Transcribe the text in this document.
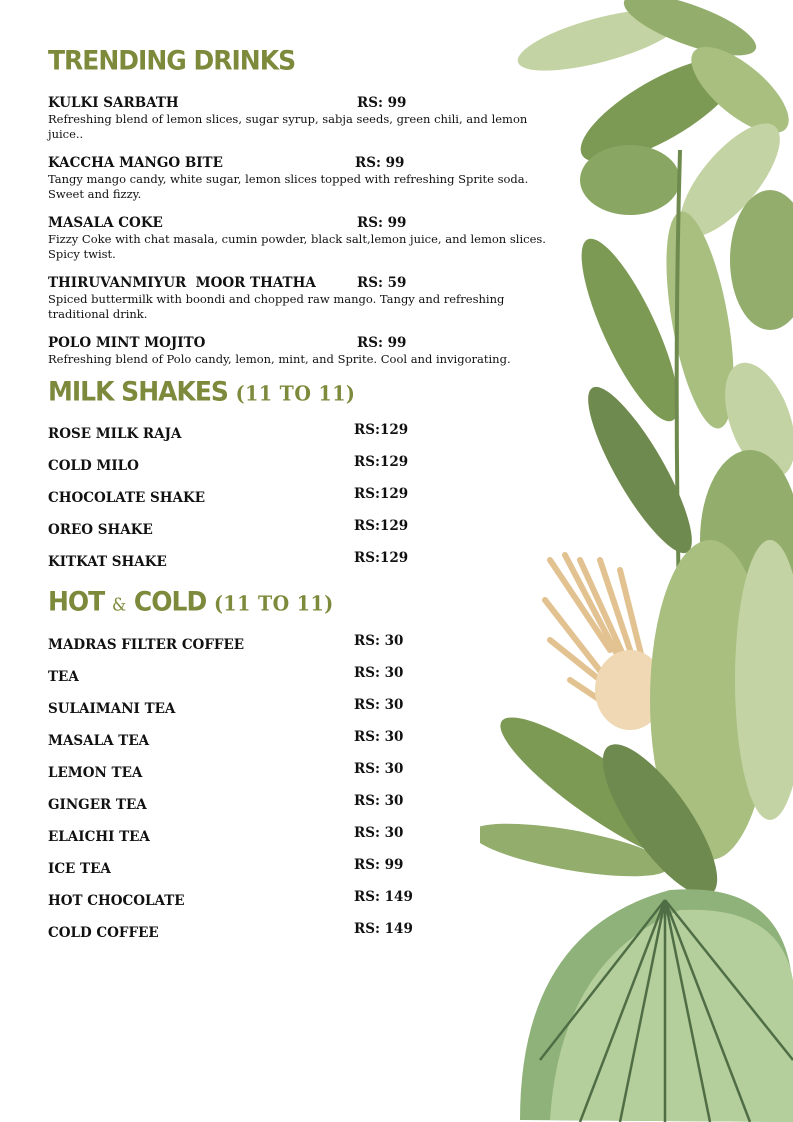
TRENDING DRINKS
KULKI SARBATH	RS: 99
Refreshing blend of lemon slices, sugar syrup, sabja seeds, green chili, and lemon juice..
KACCHA MANGO BITE	RS: 99
Tangy mango candy, white sugar, lemon slices topped with refreshing Sprite soda. Sweet and fizzy.
MASALA COKE	RS: 99
Fizzy Coke with chat masala, cumin powder, black salt,lemon juice, and lemon slices. Spicy twist.
THIRUVANMIYUR  MOOR THATHA	RS: 59
Spiced buttermilk with boondi and chopped raw mango. Tangy and refreshing traditional drink.
POLO MINT MOJITO	RS: 99
Refreshing blend of Polo candy, lemon, mint, and Sprite. Cool and invigorating.
MILK SHAKES (11 TO 11)
ROSE MILK RAJA	RS:129
COLD MILO	RS:129
CHOCOLATE SHAKE	RS:129
OREO SHAKE	RS:129
KITKAT SHAKE	RS:129
HOT & COLD (11 TO 11)
MADRAS FILTER COFFEE	RS: 30
TEA	RS: 30
SULAIMANI TEA	RS: 30
MASALA TEA	RS: 30
LEMON TEA	RS: 30
GINGER TEA	RS: 30
ELAICHI TEA	RS: 30
ICE TEA	RS: 99
HOT CHOCOLATE	RS: 149
COLD COFFEE	RS: 149
